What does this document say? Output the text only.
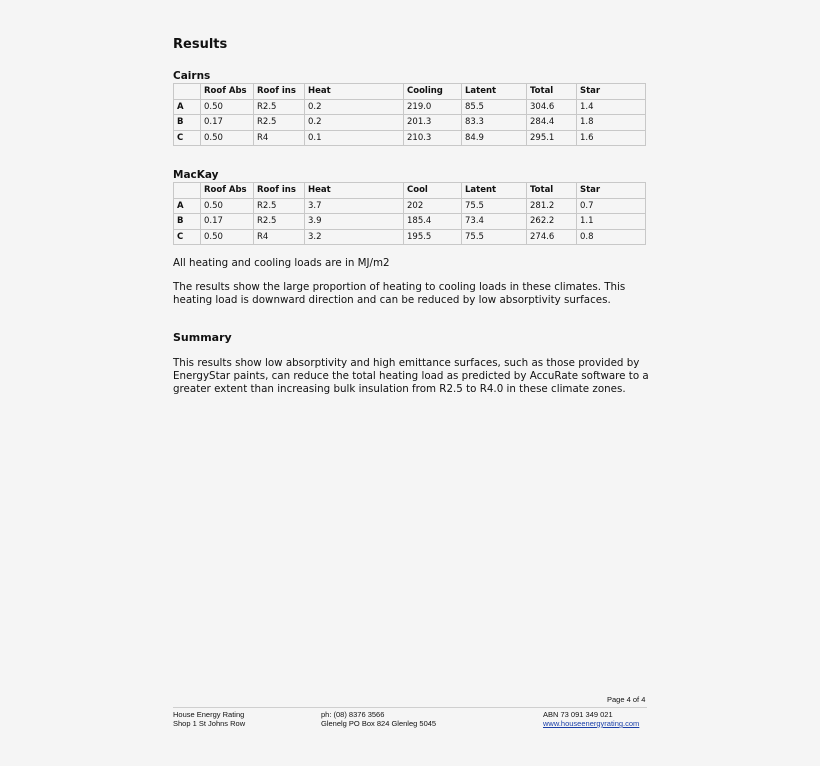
Results
Cairns
	Roof Abs	Roof ins	Heat	Cooling	Latent	Total	Star
A	0.50	R2.5	0.2	219.0	85.5	304.6	1.4
B	0.17	R2.5	0.2	201.3	83.3	284.4	1.8
C	0.50	R4	0.1	210.3	84.9	295.1	1.6
MacKay
	Roof Abs	Roof ins	Heat	Cool	Latent	Total	Star
A	0.50	R2.5	3.7	202	75.5	281.2	0.7
B	0.17	R2.5	3.9	185.4	73.4	262.2	1.1
C	0.50	R4	3.2	195.5	75.5	274.6	0.8

All heating and cooling loads are in MJ/m2

The results show the large proportion of heating to cooling loads in these climates. This heating load is downward direction and can be reduced by low absorptivity surfaces.

Summary

This results show low absorptivity and high emittance surfaces, such as those provided by EnergyStar paints, can reduce the total heating load as predicted by AccuRate software to a greater extent than increasing bulk insulation from R2.5 to R4.0 in these climate zones.

Page 4 of 4
House Energy Rating
Shop 1 St Johns Row
ph: (08) 8376 3566
Glenelg PO Box 824 Glenleg 5045
ABN 73 091 349 021
www.houseenergyrating.com
